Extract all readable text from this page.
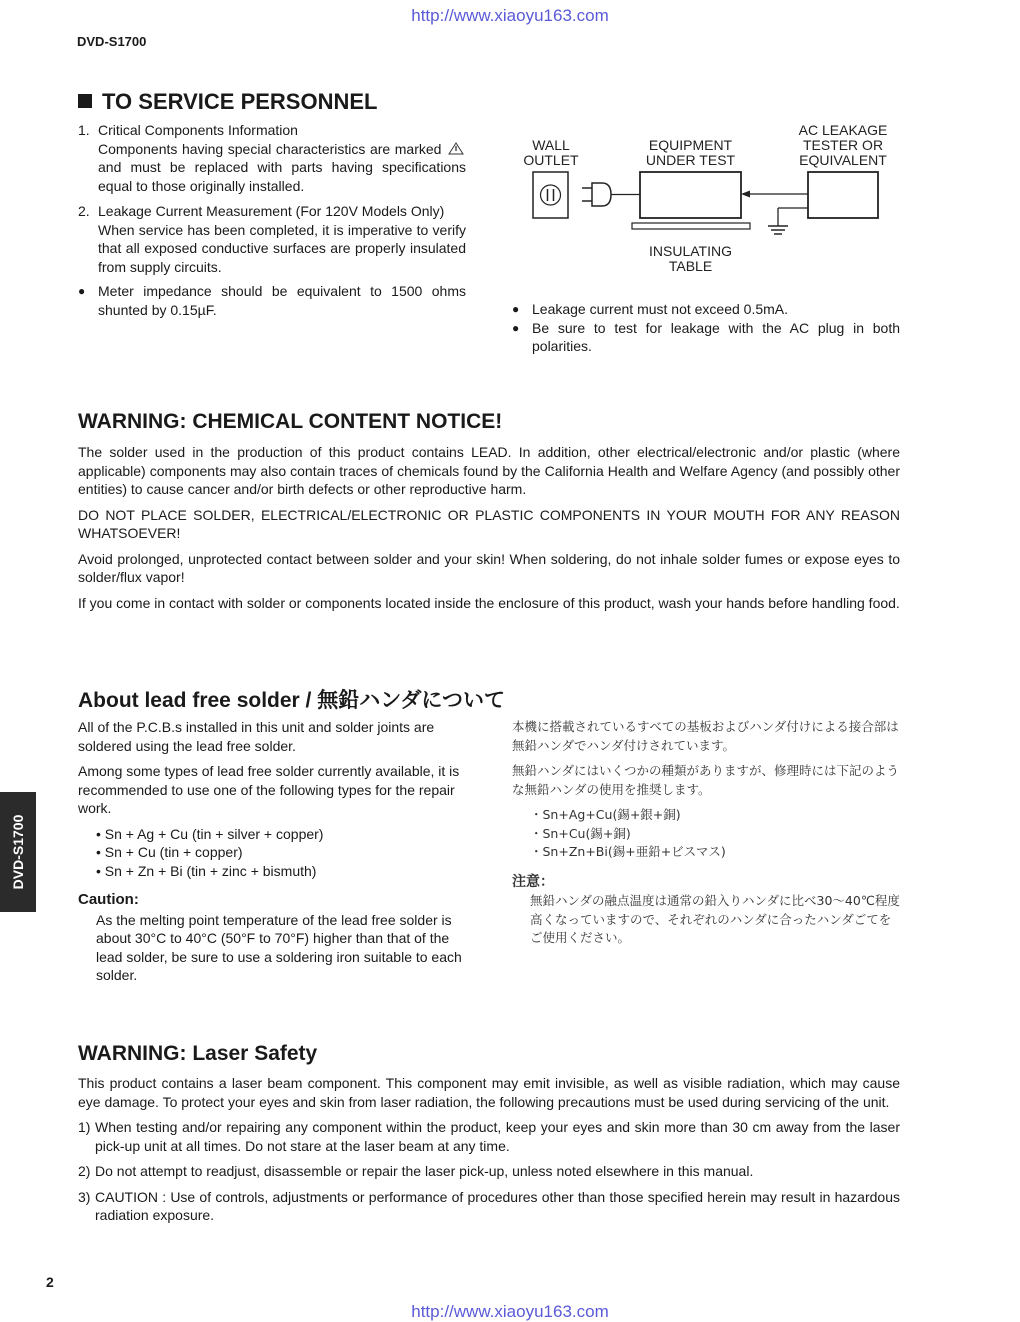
http://www.xiaoyu163.com
DVD-S1700
TO SERVICE PERSONNEL
1. Critical Components Information

Components having special characteristics are marked  and must be replaced with parts having specifications equal to those originally installed.

2. Leakage Current Measurement (For 120V Models Only)

When service has been completed, it is imperative to verify that all exposed conductive surfaces are properly insulated from supply circuits.

● Meter impedance should be equivalent to 1500 ohms shunted by 0.15µF.

WALL
OUTLET
EQUIPMENT
UNDER TEST
AC LEAKAGE
TESTER OR
EQUIVALENT
INSULATING
TABLE
● Leakage current must not exceed 0.5mA.

● Be sure to test for leakage with the AC plug in both polarities.

WARNING: CHEMICAL CONTENT NOTICE!

The solder used in the production of this product contains LEAD. In addition, other electrical/electronic and/or plastic (where applicable) components may also contain traces of chemicals found by the California Health and Welfare Agency (and possibly other entities) to cause cancer and/or birth defects or other reproductive harm.

DO NOT PLACE SOLDER, ELECTRICAL/ELECTRONIC OR PLASTIC COMPONENTS IN YOUR MOUTH FOR ANY REASON WHATSOEVER!

Avoid prolonged, unprotected contact between solder and your skin! When soldering, do not inhale solder fumes or expose eyes to solder/flux vapor!

If you come in contact with solder or components located inside the enclosure of this product, wash your hands before handling food.

About lead free solder / 無鉛ハンダについて

All of the P.C.B.s installed in this unit and solder joints are soldered using the lead free solder.

Among some types of lead free solder currently available, it is recommended to use one of the following types for the repair work.

• Sn + Ag + Cu (tin + silver + copper)

• Sn + Cu (tin + copper)

• Sn + Zn + Bi (tin + zinc + bismuth)

Caution:

As the melting point temperature of the lead free solder is about 30°C to 40°C (50°F to 70°F) higher than that of the lead solder, be sure to use a soldering iron suitable to each solder.

本機に搭載されているすべての基板およびハンダ付けによる接合部は無鉛ハンダでハンダ付けされています。

無鉛ハンダにはいくつかの種類がありますが、修理時には下記のような無鉛ハンダの使用を推奨します。

・Sn+Ag+Cu(錫+銀+銅)

・Sn+Cu(錫+銅)

・Sn+Zn+Bi(錫+亜鉛+ビスマス)

注意：

無鉛ハンダの融点温度は通常の鉛入りハンダに比べ30〜40℃程度高くなっていますので、それぞれのハンダに合ったハンダごてをご使用ください。

WARNING: Laser Safety

This product contains a laser beam component. This component may emit invisible, as well as visible radiation, which may cause eye damage. To protect your eyes and skin from laser radiation, the following precautions must be used during servicing of the unit.

1) When testing and/or repairing any component within the product, keep your eyes and skin more than 30 cm away from the laser pick-up unit at all times. Do not stare at the laser beam at any time.

2) Do not attempt to readjust, disassemble or repair the laser pick-up, unless noted elsewhere in this manual.

3) CAUTION : Use of controls, adjustments or performance of procedures other than those specified herein may result in hazardous radiation exposure.

DVD-S1700
2
http://www.xiaoyu163.com
